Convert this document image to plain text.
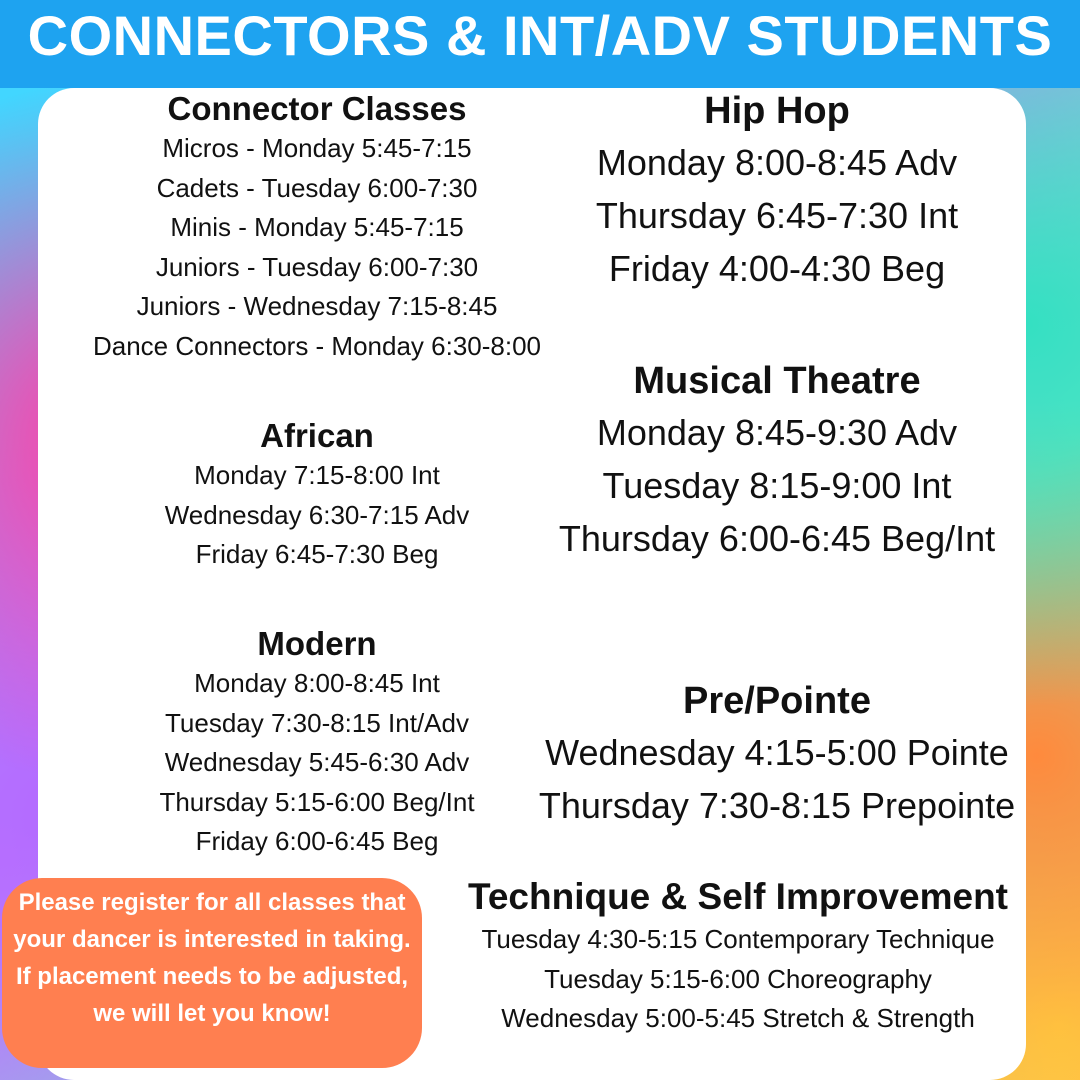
CONNECTORS & INT/ADV STUDENTS
Connector Classes
Micros - Monday 5:45-7:15
Cadets - Tuesday 6:00-7:30
Minis - Monday 5:45-7:15
Juniors - Tuesday 6:00-7:30
Juniors - Wednesday 7:15-8:45
Dance Connectors - Monday 6:30-8:00
African
Monday 7:15-8:00 Int
Wednesday 6:30-7:15 Adv
Friday 6:45-7:30 Beg
Modern
Monday 8:00-8:45 Int
Tuesday 7:30-8:15 Int/Adv
Wednesday 5:45-6:30 Adv
Thursday 5:15-6:00 Beg/Int
Friday 6:00-6:45 Beg
Hip Hop
Monday 8:00-8:45 Adv
Thursday 6:45-7:30 Int
Friday 4:00-4:30 Beg
Musical Theatre
Monday 8:45-9:30 Adv
Tuesday 8:15-9:00 Int
Thursday 6:00-6:45 Beg/Int
Pre/Pointe
Wednesday 4:15-5:00 Pointe
Thursday 7:30-8:15 Prepointe
Technique & Self Improvement
Tuesday 4:30-5:15 Contemporary Technique
Tuesday 5:15-6:00 Choreography
Wednesday 5:00-5:45 Stretch & Strength
Please register for all classes that your dancer is interested in taking. If placement needs to be adjusted, we will let you know!
